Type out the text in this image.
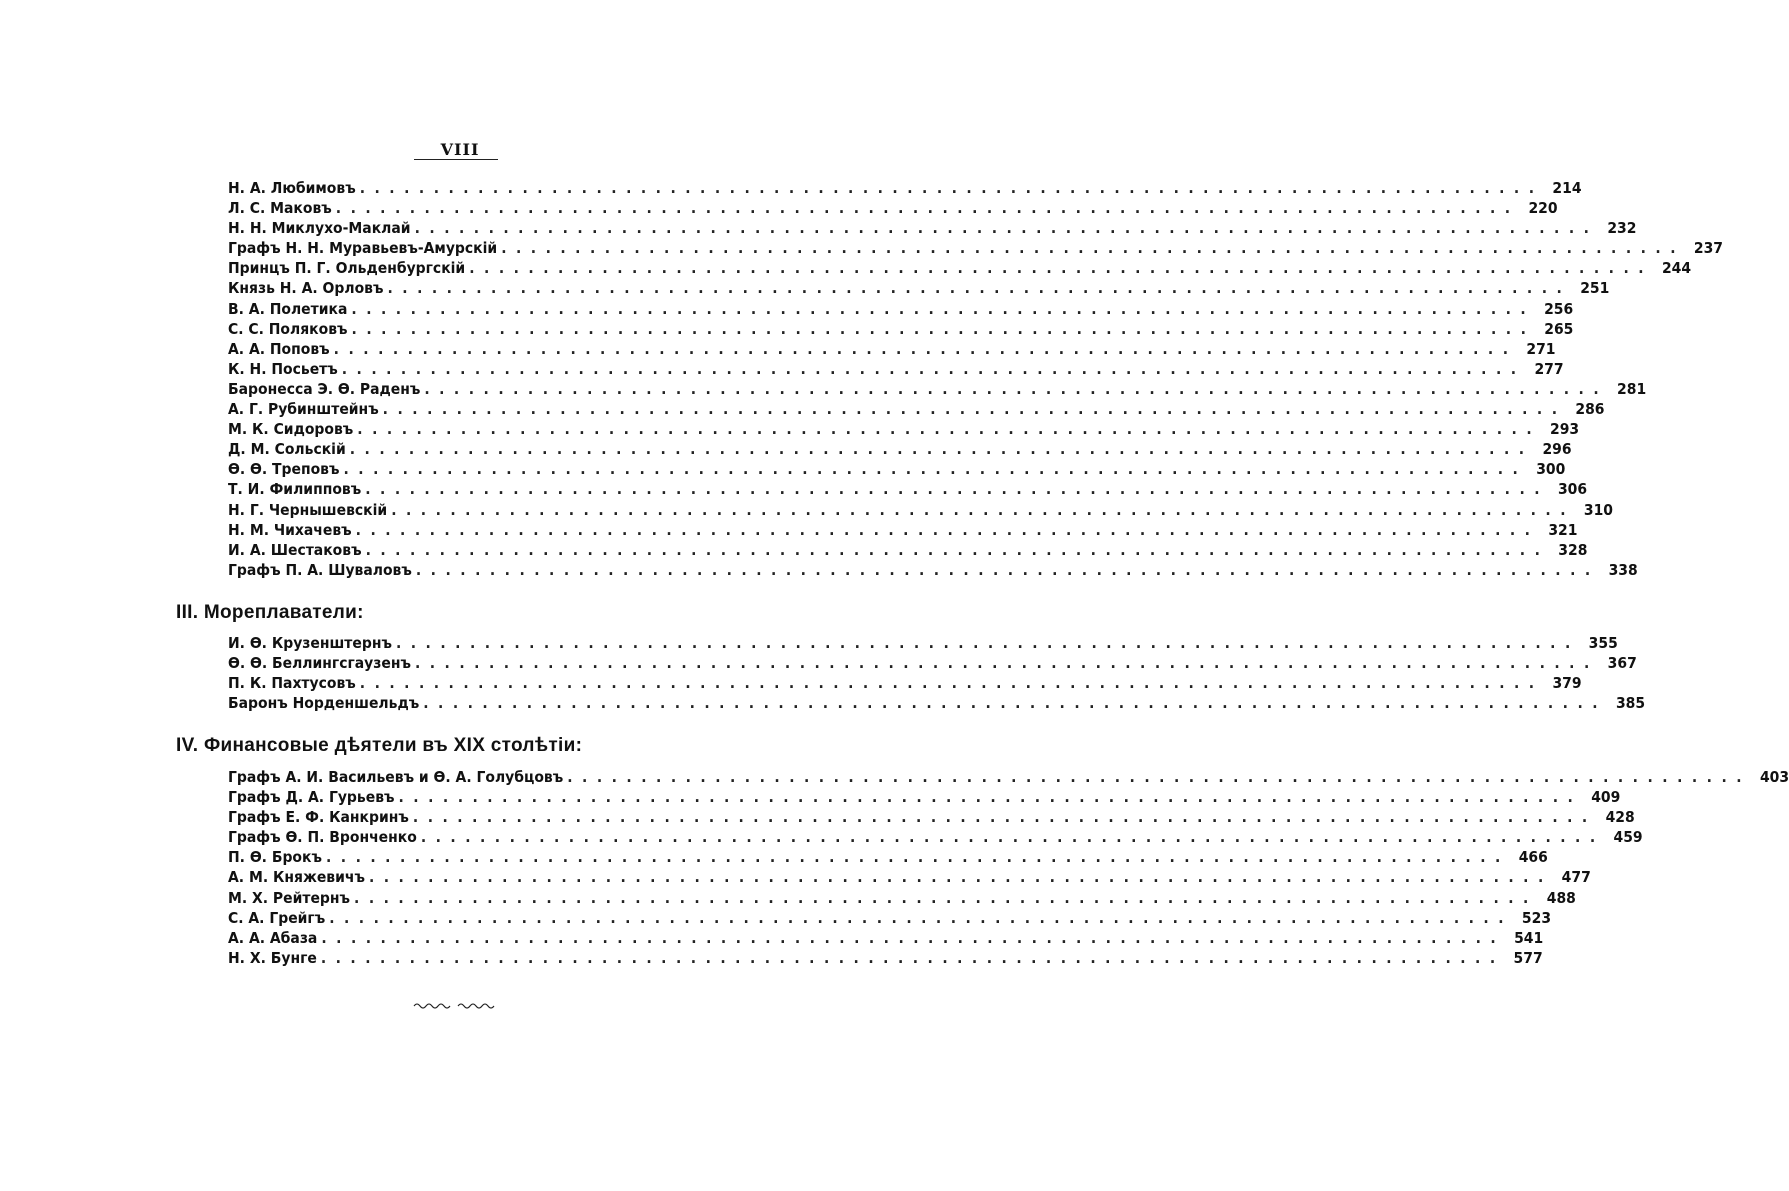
VIII
Н. А. Любимовъ ................................................................................ 214
Л. С. Маковъ ................................................................................ 220
Н. Н. Миклухо-Маклай ................................................................................ 232
Графъ Н. Н. Муравьевъ-Амурскій ................................................................................ 237
Принцъ П. Г. Ольденбургскій ................................................................................ 244
Князь Н. А. Орловъ ................................................................................ 251
В. А. Полетика ................................................................................ 256
С. С. Поляковъ ................................................................................ 265
А. А. Поповъ ................................................................................ 271
К. Н. Посьетъ ................................................................................ 277
Баронесса Э. Ѳ. Раденъ ................................................................................ 281
А. Г. Рубинштейнъ ................................................................................ 286
М. К. Сидоровъ ................................................................................ 293
Д. М. Сольскій ................................................................................ 296
Ѳ. Ѳ. Треповъ ................................................................................ 300
Т. И. Филипповъ ................................................................................ 306
Н. Г. Чернышевскій ................................................................................ 310
Н. М. Чихачевъ ................................................................................ 321
И. А. Шестаковъ ................................................................................ 328
Графъ П. А. Шуваловъ ................................................................................ 338
III. Мореплаватели:
И. Ѳ. Крузенштернъ ................................................................................ 355
Ѳ. Ѳ. Беллингсгаузенъ ................................................................................ 367
П. К. Пахтусовъ ................................................................................ 379
Баронъ Норденшельдъ ................................................................................ 385
IV. Финансовые дѣятели въ XIX столѣтіи:
Графъ А. И. Васильевъ и Ѳ. А. Голубцовъ ................................................................................ 403
Графъ Д. А. Гурьевъ ................................................................................ 409
Графъ Е. Ф. Канкринъ ................................................................................ 428
Графъ Ѳ. П. Вронченко ................................................................................ 459
П. Ѳ. Брокъ ................................................................................ 466
А. М. Княжевичъ ................................................................................ 477
М. Х. Рейтернъ ................................................................................ 488
С. А. Грейгъ ................................................................................ 523
А. А. Абаза ................................................................................ 541
Н. Х. Бунге ................................................................................ 577
